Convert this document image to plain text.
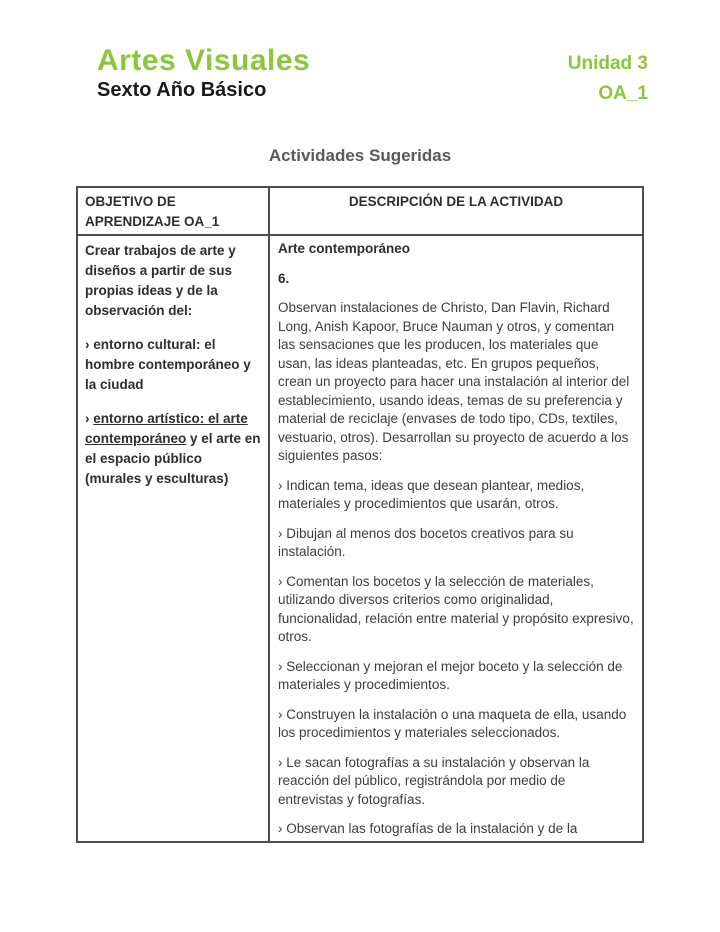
Artes Visuales
Sexto Año Básico
Unidad 3
OA_1
Actividades Sugeridas
OBJETIVO DE APRENDIZAJE OA_1
DESCRIPCIÓN DE LA ACTIVIDAD

Crear trabajos de arte y diseños a partir de sus propias ideas y de la observación del:

› entorno cultural: el hombre contemporáneo y la ciudad

› entorno artístico: el arte contemporáneo y el arte en el espacio público (murales y esculturas)

Arte contemporáneo

6.

Observan instalaciones de Christo, Dan Flavin, Richard Long, Anish Kapoor, Bruce Nauman y otros, y comentan las sensaciones que les producen, los materiales que usan, las ideas planteadas, etc. En grupos pequeños, crean un proyecto para hacer una instalación al interior del establecimiento, usando ideas, temas de su preferencia y material de reciclaje (envases de todo tipo, CDs, textiles, vestuario, otros). Desarrollan su proyecto de acuerdo a los siguientes pasos:

› Indican tema, ideas que desean plantear, medios, materiales y procedimientos que usarán, otros.

› Dibujan al menos dos bocetos creativos para su instalación.

› Comentan los bocetos y la selección de materiales, utilizando diversos criterios como originalidad, funcionalidad, relación entre material y propósito expresivo, otros.

› Seleccionan y mejoran el mejor boceto y la selección de materiales y procedimientos.

› Construyen la instalación o una maqueta de ella, usando los procedimientos y materiales seleccionados.

› Le sacan fotografías a su instalación y observan la reacción del público, registrándola por medio de entrevistas y fotografías.

› Observan las fotografías de la instalación y de la
